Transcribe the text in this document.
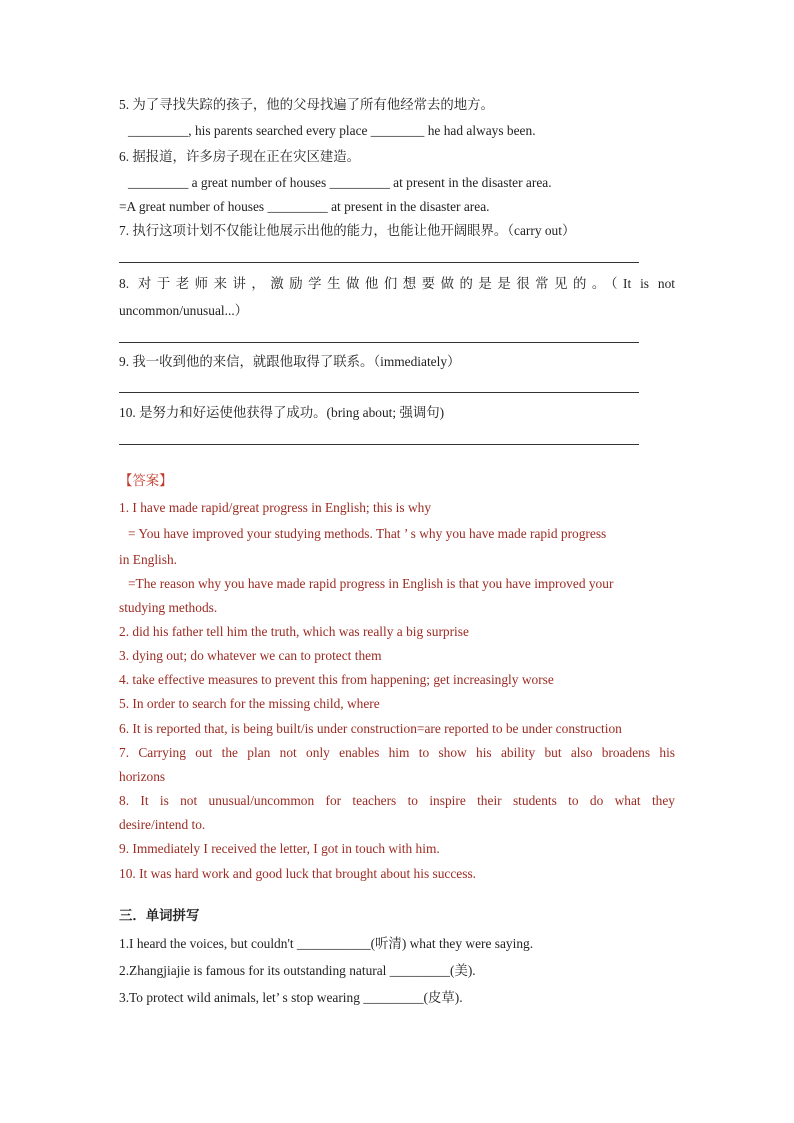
5. 为了寻找失踪的孩子，他的父母找遍了所有他经常去的地方。
_________, his parents searched every place ________ he had always been.
6. 据报道，许多房子现在正在灾区建造。
_________ a great number of houses _________ at present in the disaster area.
=A great number of houses _________ at present in the disaster area.
7. 执行这项计划不仅能让他展示出他的能力，也能让他开阔眼界。（carry out）
8. 对于老师来讲，激励学生做他们想要做的是是很常见的。（It is not
uncommon/unusual...）
9. 我一收到他的来信，就跟他取得了联系。（immediately）
10. 是努力和好运使他获得了成功。(bring about; 强调句)
【答案】
1. I have made rapid/great progress in English; this is why
= You have improved your studying methods. That ’ s why you have made rapid progress
in English.
=The reason why you have made rapid progress in English is that you have improved your
studying methods.
2. did his father tell him the truth, which was really a big surprise
3. dying out; do whatever we can to protect them
4. take effective measures to prevent this from happening; get increasingly worse
5. In order to search for the missing child, where
6. It is reported that, is being built/is under construction=are reported to be under construction
7. Carrying out the plan not only enables him to show his ability but also broadens his
horizons
8. It is not unusual/uncommon for teachers to inspire their students to do what they
desire/intend to.
9. Immediately I received the letter, I got in touch with him.
10. It was hard work and good luck that brought about his success.
三．单词拼写
1.I heard the voices, but couldn't ___________(听清) what they were saying.
2.Zhangjiajie is famous for its outstanding natural _________(美).
3.To protect wild animals, let’ s stop wearing _________(皮草).
